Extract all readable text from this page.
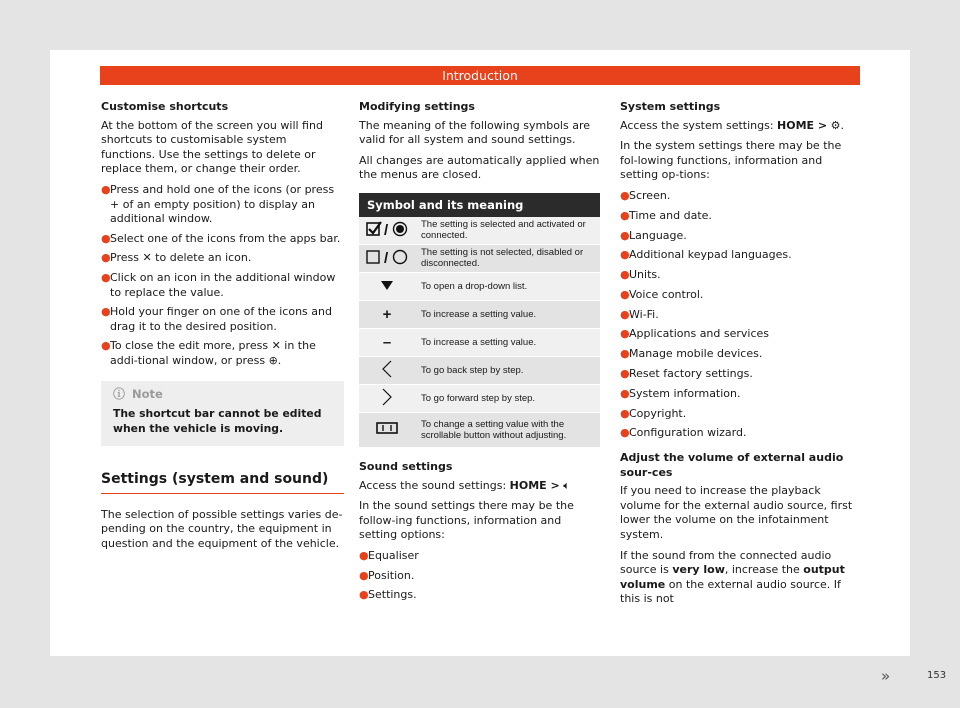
Introduction
Customise shortcuts

At the bottom of the screen you will find shortcuts to customisable system functions. Use the settings to delete or replace them, or change their order.

● Press and hold one of the icons (or press + of an empty position) to display an additional window.
● Select one of the icons from the apps bar.
● Press ✕ to delete an icon.
● Click on an icon in the additional window to replace the value.
● Hold your finger on one of the icons and drag it to the desired position.
● To close the edit more, press ✕ in the addi-tional window, or press ⊕.
ⓘ Note
The shortcut bar cannot be edited when the vehicle is moving.
Settings (system and sound)

The selection of possible settings varies de-pending on the country, the equipment in question and the equipment of the vehicle.

Modifying settings

The meaning of the following symbols are valid for all system and sound settings.

All changes are automatically applied when the menus are closed.

Symbol and its meaning	

/	The setting is selected and activated or connected.

/	The setting is not selected, disabled or disconnected.
	To open a drop-down list.
+	To increase a setting value.
–	To increase a setting value.
	To go back step by step.
	To go forward step by step.
	To change a setting value with the scrollable button without adjusting.
Sound settings

Access the sound settings: HOME > 🔈︎

In the sound settings there may be the follow-ing functions, information and setting options:

● Equaliser
● Position.
● Settings.
System settings

Access the system settings: HOME > ⚙.

In the system settings there may be the fol-lowing functions, information and setting op-tions:

● Screen.
● Time and date.
● Language.
● Additional keypad languages.
● Units.
● Voice control.
● Wi-Fi.
● Applications and services
● Manage mobile devices.
● Reset factory settings.
● System information.
● Copyright.
● Configuration wizard.
Adjust the volume of external audio sour-ces

If you need to increase the playback volume for the external audio source, first lower the volume on the infotainment system.

If the sound from the connected audio source is very low, increase the output volume on the external audio source. If this is not

»	153
